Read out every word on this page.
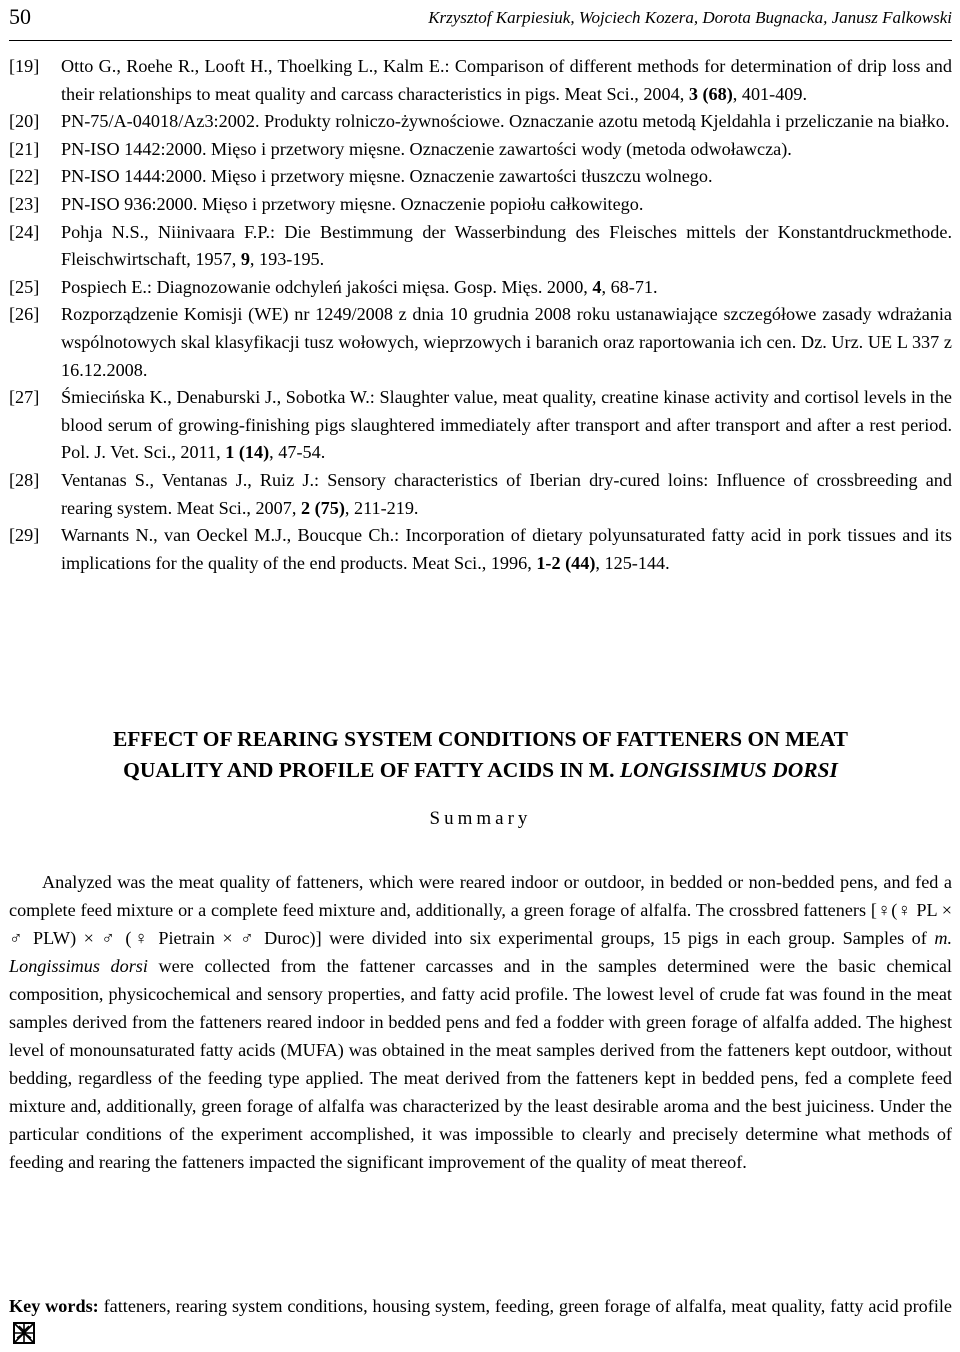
50	Krzysztof Karpiesiuk, Wojciech Kozera, Dorota Bugnacka, Janusz Falkowski
[19]	Otto G., Roehe R., Looft H., Thoelking L., Kalm E.: Comparison of different methods for determination of drip loss and their relationships to meat quality and carcass characteristics in pigs. Meat Sci., 2004, 3 (68), 401-409.
[20]	PN-75/A-04018/Az3:2002. Produkty rolniczo-żywnościowe. Oznaczanie azotu metodą Kjeldahla i przeliczanie na białko.
[21]	PN-ISO 1442:2000. Mięso i przetwory mięsne. Oznaczenie zawartości wody (metoda odwoławcza).
[22]	PN-ISO 1444:2000. Mięso i przetwory mięsne. Oznaczenie zawartości tłuszczu wolnego.
[23]	PN-ISO 936:2000. Mięso i przetwory mięsne. Oznaczenie popiołu całkowitego.
[24]	Pohja N.S., Niinivaara F.P.: Die Bestimmung der Wasserbindung des Fleisches mittels der Konstantdruckmethode. Fleischwirtschaft, 1957, 9, 193-195.
[25]	Pospiech E.: Diagnozowanie odchyleń jakości mięsa. Gosp. Mięs. 2000, 4, 68-71.
[26]	Rozporządzenie Komisji (WE) nr 1249/2008 z dnia 10 grudnia 2008 roku ustanawiające szczegółowe zasady wdrażania wspólnotowych skal klasyfikacji tusz wołowych, wieprzowych i baranich oraz raportowania ich cen. Dz. Urz. UE L 337 z 16.12.2008.
[27]	Śmiecińska K., Denaburski J., Sobotka W.: Slaughter value, meat quality, creatine kinase activity and cortisol levels in the blood serum of growing-finishing pigs slaughtered immediately after transport and after transport and after a rest period. Pol. J. Vet. Sci., 2011, 1 (14), 47-54.
[28]	Ventanas S., Ventanas J., Ruiz J.: Sensory characteristics of Iberian dry-cured loins: Influence of crossbreeding and rearing system. Meat Sci., 2007, 2 (75), 211-219.
[29]	Warnants N., van Oeckel M.J., Boucque Ch.: Incorporation of dietary polyunsaturated fatty acid in pork tissues and its implications for the quality of the end products. Meat Sci., 1996, 1-2 (44), 125-144.

EFFECT OF REARING SYSTEM CONDITIONS OF FATTENERS ON MEAT
QUALITY AND PROFILE OF FATTY ACIDS IN M. LONGISSIMUS DORSI

Summary

Analyzed was the meat quality of fatteners, which were reared indoor or outdoor, in bedded or non-bedded pens, and fed a complete feed mixture or a complete feed mixture and, additionally, a green forage of alfalfa. The crossbred fatteners [♀(♀ PL × ♂ PLW) × ♂ (♀ Pietrain × ♂ Duroc)] were divided into six experimental groups, 15 pigs in each group. Samples of m. Longissimus dorsi were collected from the fattener carcasses and in the samples determined were the basic chemical composition, physicochemical and sensory properties, and fatty acid profile. The lowest level of crude fat was found in the meat samples derived from the fatteners reared indoor in bedded pens and fed a fodder with green forage of alfalfa added. The highest level of monounsaturated fatty acids (MUFA) was obtained in the meat samples derived from the fatteners kept outdoor, without bedding, regardless of the feeding type applied. The meat derived from the fatteners kept in bedded pens, fed a complete feed mixture and, additionally, green forage of alfalfa was characterized by the least desirable aroma and the best juiciness. Under the particular conditions of the experiment accomplished, it was impossible to clearly and precisely determine what methods of feeding and rearing the fatteners impacted the significant improvement of the quality of meat thereof.

Key words: fatteners, rearing system conditions, housing system, feeding, green forage of alfalfa, meat quality, fatty acid profile
